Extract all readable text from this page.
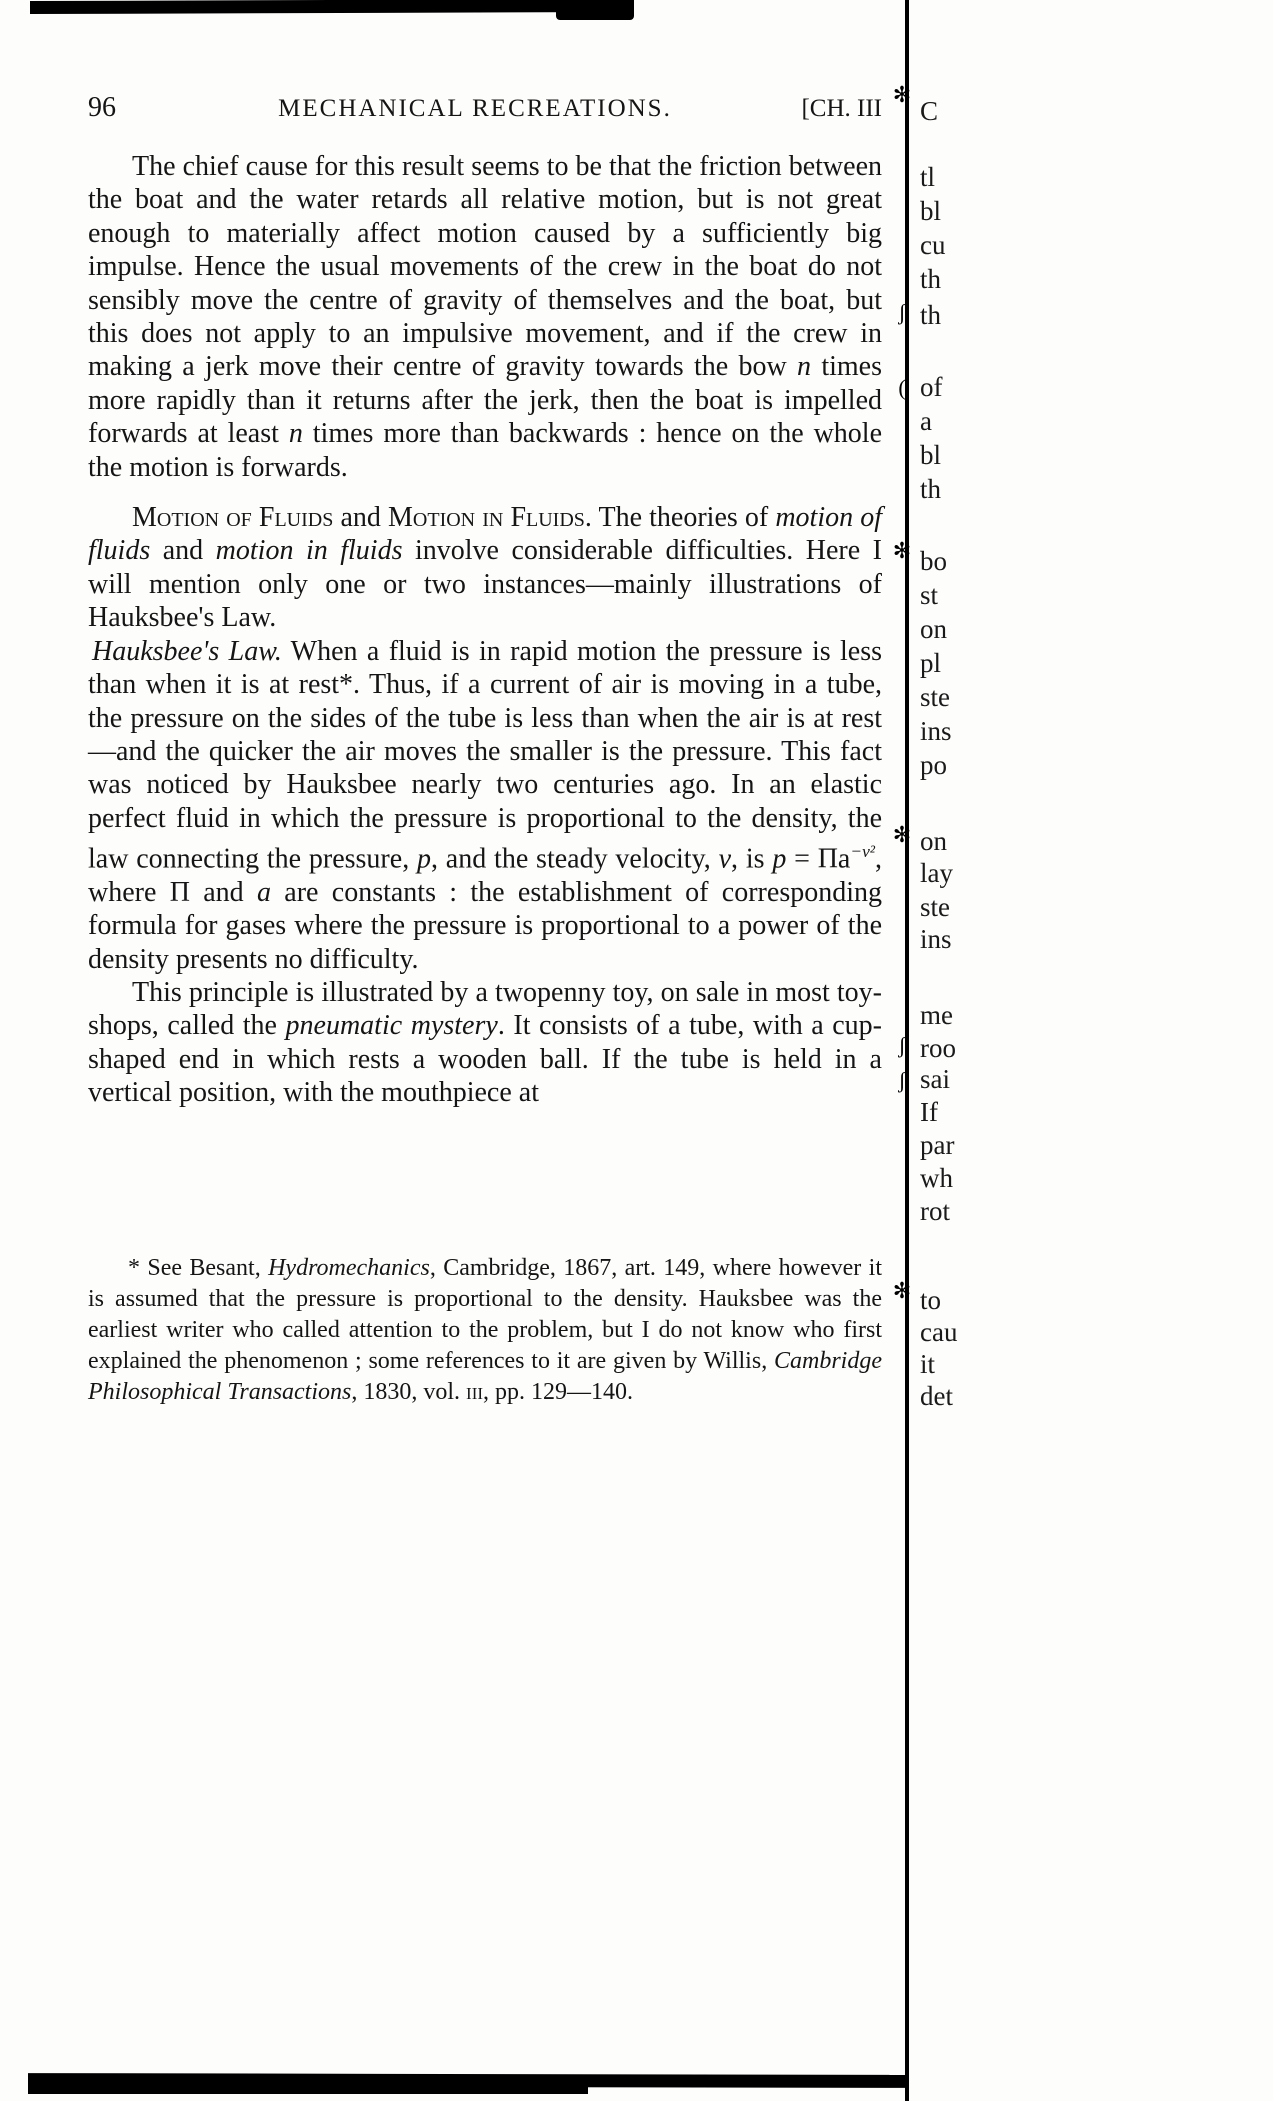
✻
ʃ
(
✻
✻
ʃ
ʃ
✻
96	MECHANICAL RECREATIONS.	[CH. III

The chief cause for this result seems to be that the friction between the boat and the water retards all relative motion, but is not great enough to materially affect motion caused by a sufficiently big impulse. Hence the usual movements of the crew in the boat do not sensibly move the centre of gravity of themselves and the boat, but this does not apply to an impulsive movement, and if the crew in making a jerk move their centre of gravity towards the bow n times more rapidly than it returns after the jerk, then the boat is impelled forwards at least n times more than backwards : hence on the whole the motion is forwards.

Motion of Fluids and Motion in Fluids. The theories of motion of fluids and motion in fluids involve considerable difficulties. Here I will mention only one or two instances—mainly illustrations of Hauksbee's Law.

Hauksbee's Law. When a fluid is in rapid motion the pressure is less than when it is at rest*. Thus, if a current of air is moving in a tube, the pressure on the sides of the tube is less than when the air is at rest—and the quicker the air moves the smaller is the pressure. This fact was noticed by Hauksbee nearly two centuries ago. In an elastic perfect fluid in which the pressure is proportional to the density, the law connecting the pressure, p, and the steady velocity, v, is $p = \Pi a^{-v^2}$, where Π and a are constants : the establishment of corresponding formula for gases where the pressure is proportional to a power of the density presents no difficulty.

This principle is illustrated by a twopenny toy, on sale in most toy-shops, called the pneumatic mystery. It consists of a tube, with a cup-shaped end in which rests a wooden ball. If the tube is held in a vertical position, with the mouthpiece at

* See Besant, Hydromechanics, Cambridge, 1867, art. 149, where however it is assumed that the pressure is proportional to the density. Hauksbee was the earliest writer who called attention to the problem, but I do not know who first explained the phenomenon ; some references to it are given by Willis, Cambridge Philosophical Transactions, 1830, vol. iii, pp. 129—140.

C
tl
bl
cu
th
th
of
a
bl
th
bo
st
on
pl
ste
ins
po
on
lay
ste
ins
me
roo
sai
If
par
wh
rot
to
cau
it
det
